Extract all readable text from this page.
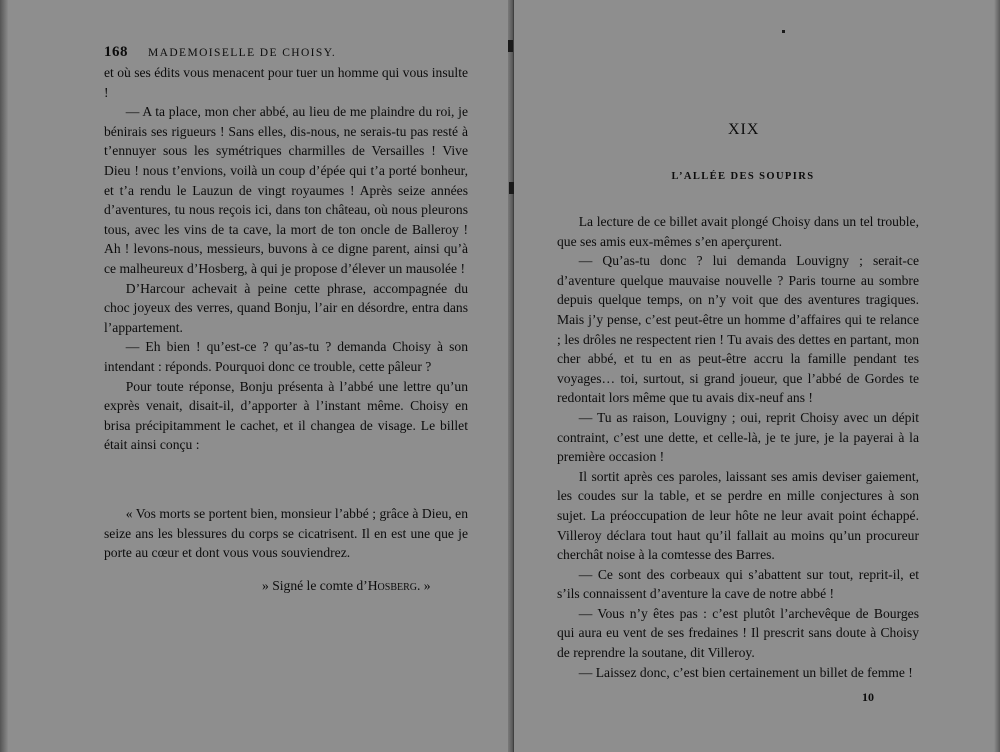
168 MADEMOISELLE DE CHOISY.

et où ses édits vous menacent pour tuer un homme qui vous insulte !

— A ta place, mon cher abbé, au lieu de me plaindre du roi, je bénirais ses rigueurs ! Sans elles, dis-nous, ne serais-tu pas resté à t’ennuyer sous les symétriques charmilles de Versailles ! Vive Dieu ! nous t’envions, voilà un coup d’épée qui t’a porté bonheur, et t’a rendu le Lauzun de vingt royaumes ! Après seize années d’aventures, tu nous reçois ici, dans ton château, où nous pleurons tous, avec les vins de ta cave, la mort de ton oncle de Balleroy ! Ah ! levons-nous, messieurs, buvons à ce digne parent, ainsi qu’à ce malheureux d’Hosberg, à qui je propose d’élever un mausolée !

D’Harcour achevait à peine cette phrase, accompagnée du choc joyeux des verres, quand Bonju, l’air en désordre, entra dans l’appartement.

— Eh bien ! qu’est-ce ? qu’as-tu ? demanda Choisy à son intendant : réponds. Pourquoi donc ce trouble, cette pâleur ?

Pour toute réponse, Bonju présenta à l’abbé une lettre qu’un exprès venait, disait-il, d’apporter à l’instant même. Choisy en brisa précipitamment le cachet, et il changea de visage. Le billet était ainsi conçu :

« Vos morts se portent bien, monsieur l’abbé ; grâce à Dieu, en seize ans les blessures du corps se cicatrisent. Il en est une que je porte au cœur et dont vous vous souviendrez.

» Signé le comte d’Hosberg. »
XIX
L’ALLÉE DES SOUPIRS

La lecture de ce billet avait plongé Choisy dans un tel trouble, que ses amis eux-mêmes s’en aperçurent.

— Qu’as-tu donc ? lui demanda Louvigny ; serait-ce d’aventure quelque mauvaise nouvelle ? Paris tourne au sombre depuis quelque temps, on n’y voit que des aventures tragiques. Mais j’y pense, c’est peut-être un homme d’affaires qui te relance ; les drôles ne respectent rien ! Tu avais des dettes en partant, mon cher abbé, et tu en as peut-être accru la famille pendant tes voyages… toi, surtout, si grand joueur, que l’abbé de Gordes te redontait lors même que tu avais dix-neuf ans !

— Tu as raison, Louvigny ; oui, reprit Choisy avec un dépit contraint, c’est une dette, et celle-là, je te jure, je la payerai à la première occasion !

Il sortit après ces paroles, laissant ses amis deviser gaiement, les coudes sur la table, et se perdre en mille conjectures à son sujet. La préoccupation de leur hôte ne leur avait point échappé. Villeroy déclara tout haut qu’il fallait au moins qu’un procureur cherchât noise à la comtesse des Barres.

— Ce sont des corbeaux qui s’abattent sur tout, reprit-il, et s’ils connaissent d’aventure la cave de notre abbé !

— Vous n’y êtes pas : c’est plutôt l’archevêque de Bourges qui aura eu vent de ses fredaines ! Il prescrit sans doute à Choisy de reprendre la soutane, dit Villeroy.

— Laissez donc, c’est bien certainement un billet de femme !

10
